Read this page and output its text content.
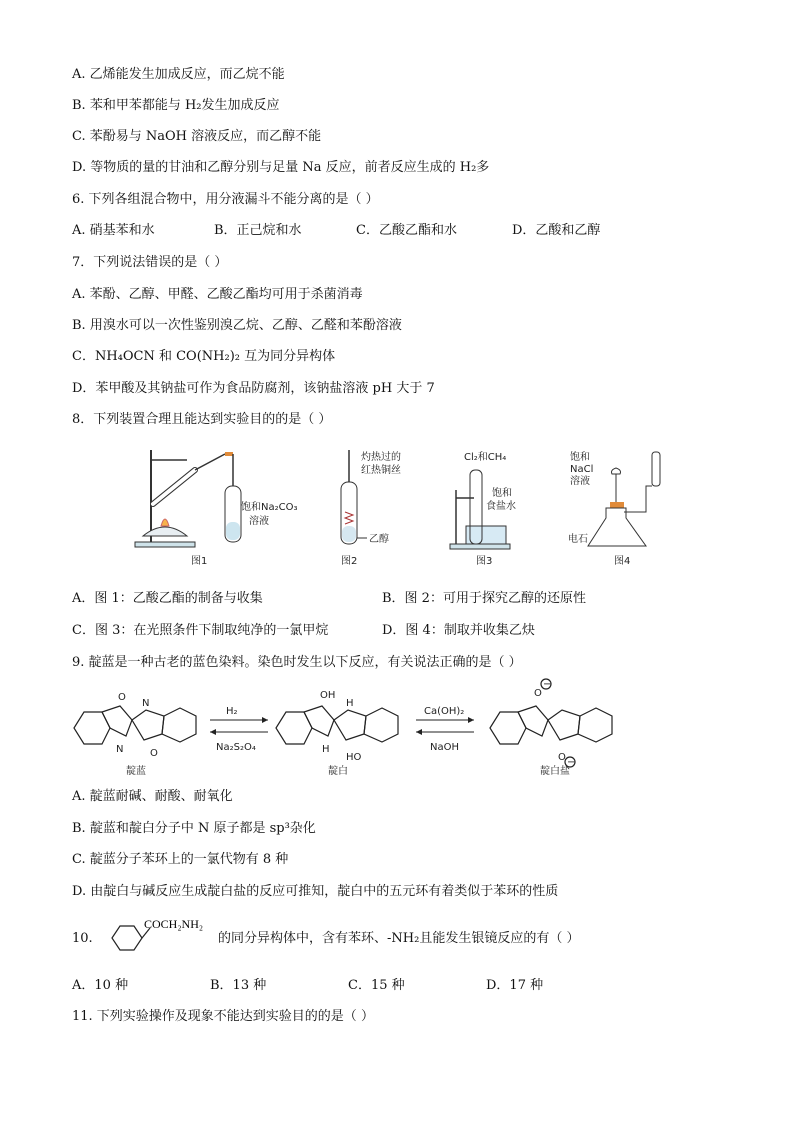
A. 乙烯能发生加成反应，而乙烷不能
B. 苯和甲苯都能与 H₂发生加成反应
C. 苯酚易与 NaOH 溶液反应，而乙醇不能
D. 等物质的量的甘油和乙醇分别与足量 Na 反应，前者反应生成的 H₂多
6. 下列各组混合物中，用分液漏斗不能分离的是（ ）
A. 硝基苯和水	B．正己烷和水	C．乙酸乙酯和水	D．乙酸和乙醇
7．下列说法错误的是（ ）
A. 苯酚、乙醇、甲醛、乙酸乙酯均可用于杀菌消毒
B. 用溴水可以一次性鉴别溴乙烷、乙醇、乙醛和苯酚溶液
C．NH₄OCN 和 CO(NH₂)₂ 互为同分异构体
D．苯甲酸及其钠盐可作为食品防腐剂，该钠盐溶液 pH 大于 7
8．下列装置合理且能达到实验目的的是（ ）
饱和Na₂CO₃
溶液
图1
灼热过的
红热铜丝
乙醇
图2
Cl₂和CH₄
饱和
食盐水
图3
饱和
NaCl
溶液
电石
图4
A．图 1：乙酸乙酯的制备与收集	B．图 2：可用于探究乙醇的还原性
C．图 3：在光照条件下制取纯净的一氯甲烷	D．图 4：制取并收集乙炔
9. 靛蓝是一种古老的蓝色染料。染色时发生以下反应，有关说法正确的是（ ）
O
O
N
N
靛蓝
H₂
Na₂S₂O₄
OH
HO
H
H
靛白
Ca(OH)₂
NaOH
O
−
O −
靛白盐
A. 靛蓝耐碱、耐酸、耐氧化
B. 靛蓝和靛白分子中 N 原子都是 sp³杂化
C. 靛蓝分子苯环上的一氯代物有 8 种
D. 由靛白与碱反应生成靛白盐的反应可推知，靛白中的五元环有着类似于苯环的性质
10.
COCH₂NH₂
的同分异构体中，含有苯环、-NH₂且能发生银镜反应的有（ ）
A．10 种	B．13 种	C．15 种	D．17 种
11. 下列实验操作及现象不能达到实验目的的是（ ）
